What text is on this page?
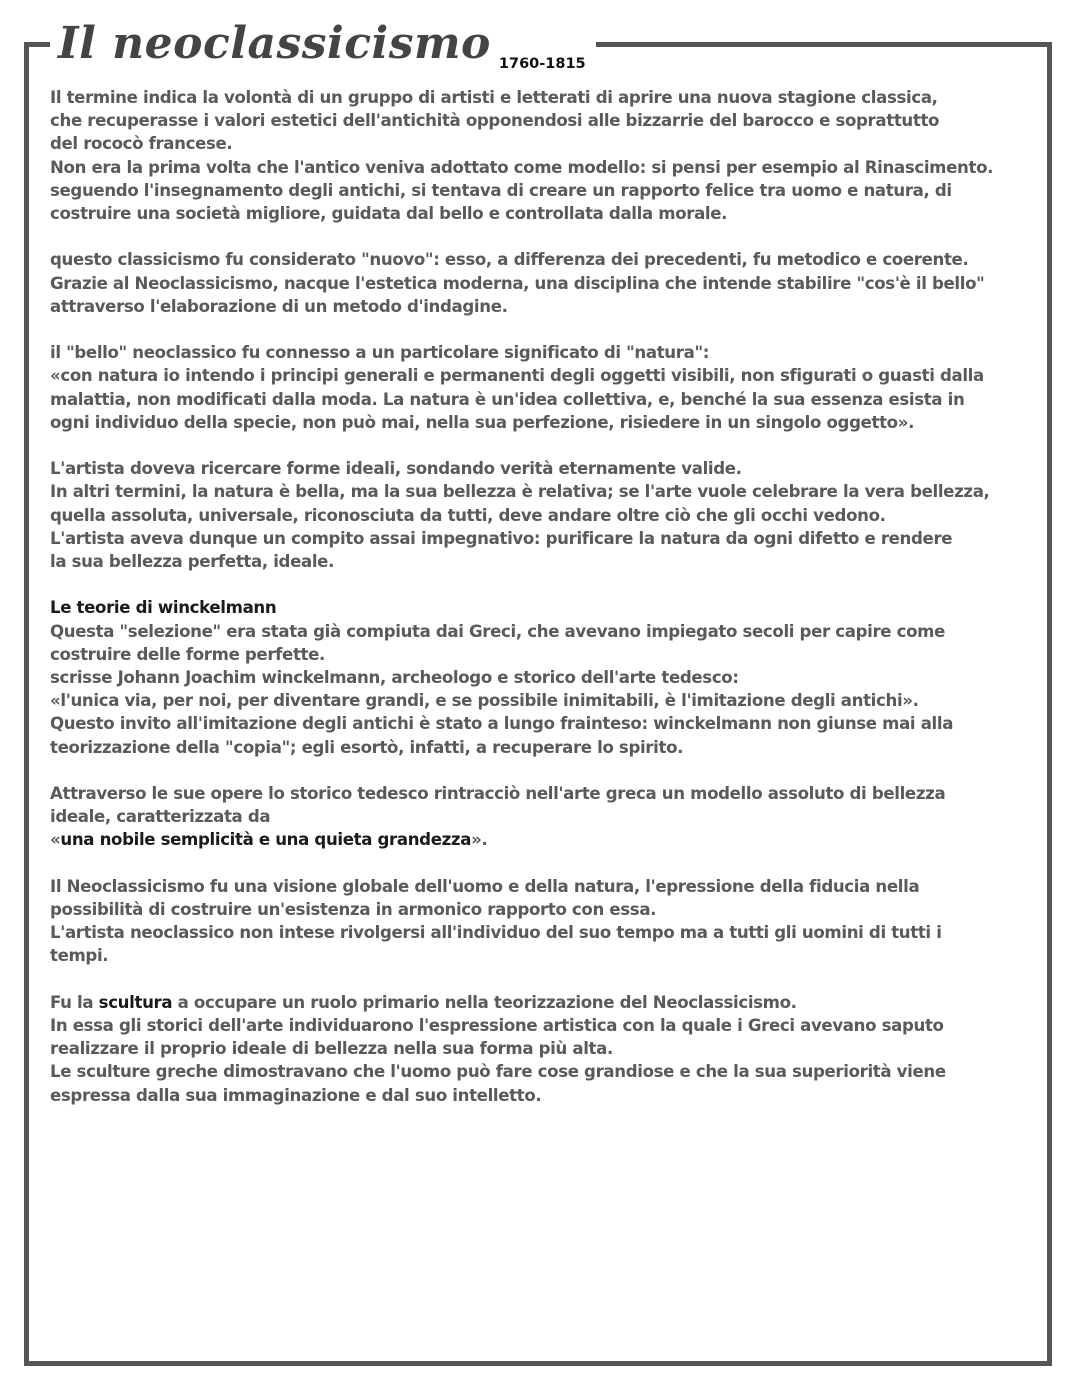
Il neoclassicismo 1760-1815
Il termine indica la volontà di un gruppo di artisti e letterati di aprire una nuova stagione classica,
che recuperasse i valori estetici dell'antichità opponendosi alle bizzarrie del barocco e soprattutto
del rococò francese.
Non era la prima volta che l'antico veniva adottato come modello: si pensi per esempio al Rinascimento.
seguendo l'insegnamento degli antichi, si tentava di creare un rapporto felice tra uomo e natura, di
costruire una società migliore, guidata dal bello e controllata dalla morale.
questo classicismo fu considerato "nuovo": esso, a differenza dei precedenti, fu metodico e coerente.
Grazie al Neoclassicismo, nacque l'estetica moderna, una disciplina che intende stabilire "cos'è il bello"
attraverso l'elaborazione di un metodo d'indagine.
il "bello" neoclassico fu connesso a un particolare significato di "natura":
«con natura io intendo i principi generali e permanenti degli oggetti visibili, non sfigurati o guasti dalla
malattia, non modificati dalla moda. La natura è un'idea collettiva, e, benché la sua essenza esista in
ogni individuo della specie, non può mai, nella sua perfezione, risiedere in un singolo oggetto».
L'artista doveva ricercare forme ideali, sondando verità eternamente valide.
In altri termini, la natura è bella, ma la sua bellezza è relativa; se l'arte vuole celebrare la vera bellezza,
quella assoluta, universale, riconosciuta da tutti, deve andare oltre ciò che gli occhi vedono.
L'artista aveva dunque un compito assai impegnativo: purificare la natura da ogni difetto e rendere
la sua bellezza perfetta, ideale.
Le teorie di winckelmann
Questa "selezione" era stata già compiuta dai Greci, che avevano impiegato secoli per capire come
costruire delle forme perfette.
scrisse Johann Joachim winckelmann, archeologo e storico dell'arte tedesco:
«l'unica via, per noi, per diventare grandi, e se possibile inimitabili, è l'imitazione degli antichi».
Questo invito all'imitazione degli antichi è stato a lungo frainteso: winckelmann non giunse mai alla
teorizzazione della "copia"; egli esortò, infatti, a recuperare lo spirito.
Attraverso le sue opere lo storico tedesco rintracciò nell'arte greca un modello assoluto di bellezza
ideale, caratterizzata da
«una nobile semplicità e una quieta grandezza».
Il Neoclassicismo fu una visione globale dell'uomo e della natura, l'epressione della fiducia nella
possibilità di costruire un'esistenza in armonico rapporto con essa.
L'artista neoclassico non intese rivolgersi all'individuo del suo tempo ma a tutti gli uomini di tutti i
tempi.
Fu la scultura a occupare un ruolo primario nella teorizzazione del Neoclassicismo.
In essa gli storici dell'arte individuarono l'espressione artistica con la quale i Greci avevano saputo
realizzare il proprio ideale di bellezza nella sua forma più alta.
Le sculture greche dimostravano che l'uomo può fare cose grandiose e che la sua superiorità viene
espressa dalla sua immaginazione e dal suo intelletto.
